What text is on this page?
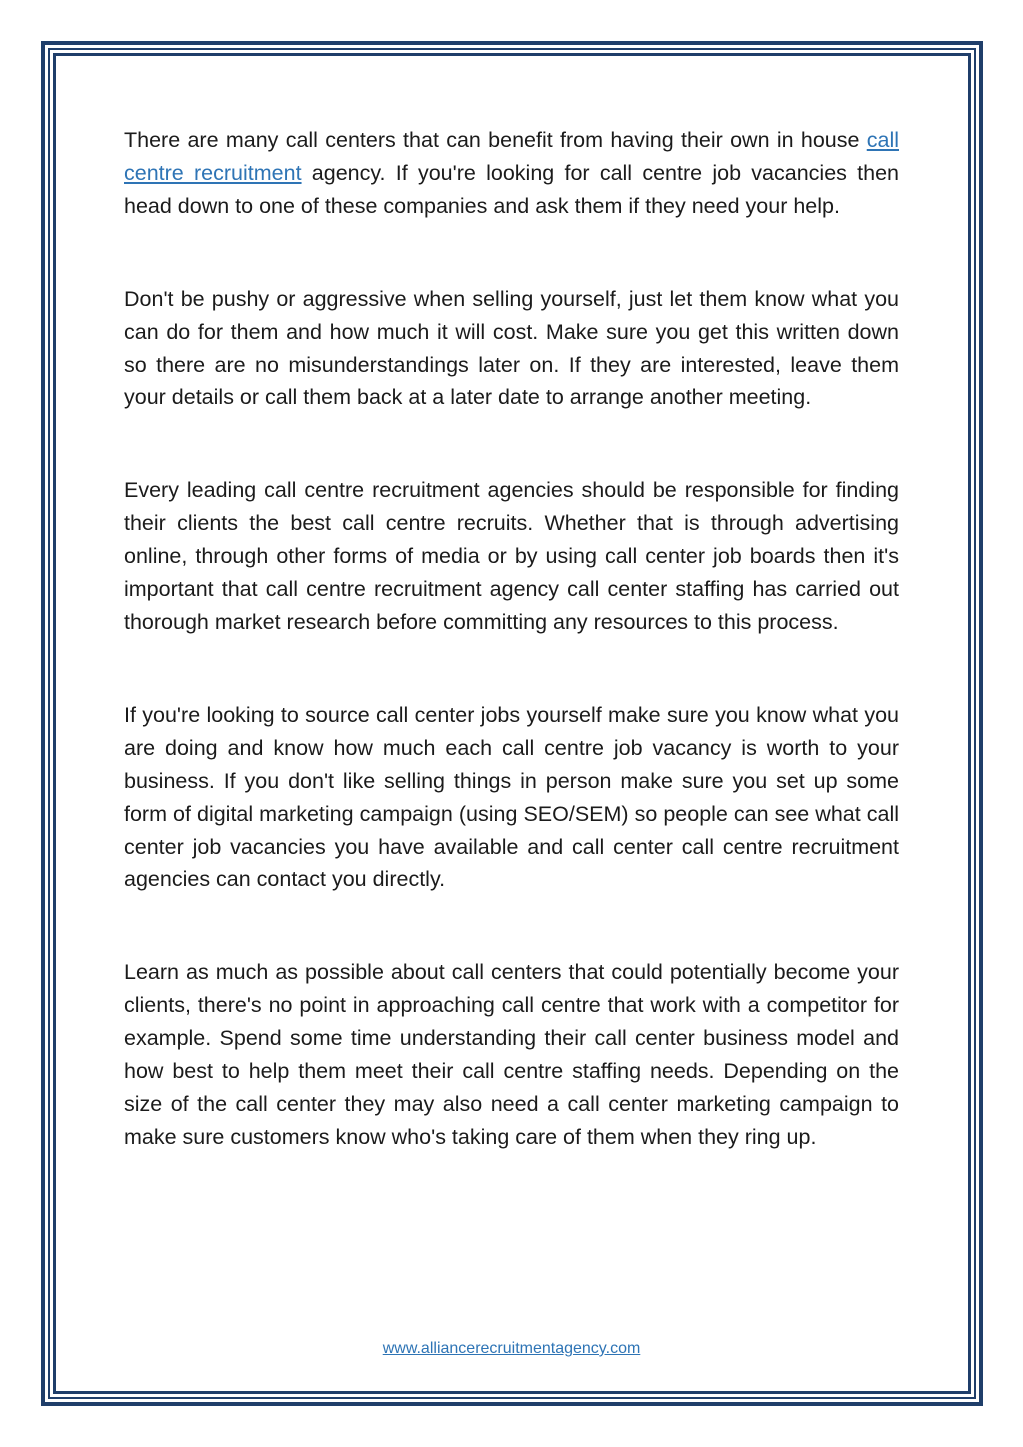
There are many call centers that can benefit from having their own in house call centre recruitment agency. If you're looking for call centre job vacancies then head down to one of these companies and ask them if they need your help.

Don't be pushy or aggressive when selling yourself, just let them know what you can do for them and how much it will cost. Make sure you get this written down so there are no misunderstandings later on. If they are interested, leave them your details or call them back at a later date to arrange another meeting.

Every leading call centre recruitment agencies should be responsible for finding their clients the best call centre recruits. Whether that is through advertising online, through other forms of media or by using call center job boards then it's important that call centre recruitment agency call center staffing has carried out thorough market research before committing any resources to this process.

If you're looking to source call center jobs yourself make sure you know what you are doing and know how much each call centre job vacancy is worth to your business. If you don't like selling things in person make sure you set up some form of digital marketing campaign (using SEO/SEM) so people can see what call center job vacancies you have available and call center call centre recruitment agencies can contact you directly.

Learn as much as possible about call centers that could potentially become your clients, there's no point in approaching call centre that work with a competitor for example. Spend some time understanding their call center business model and how best to help them meet their call centre staffing needs. Depending on the size of the call center they may also need a call center marketing campaign to make sure customers know who's taking care of them when they ring up.

www.alliancerecruitmentagency.com
